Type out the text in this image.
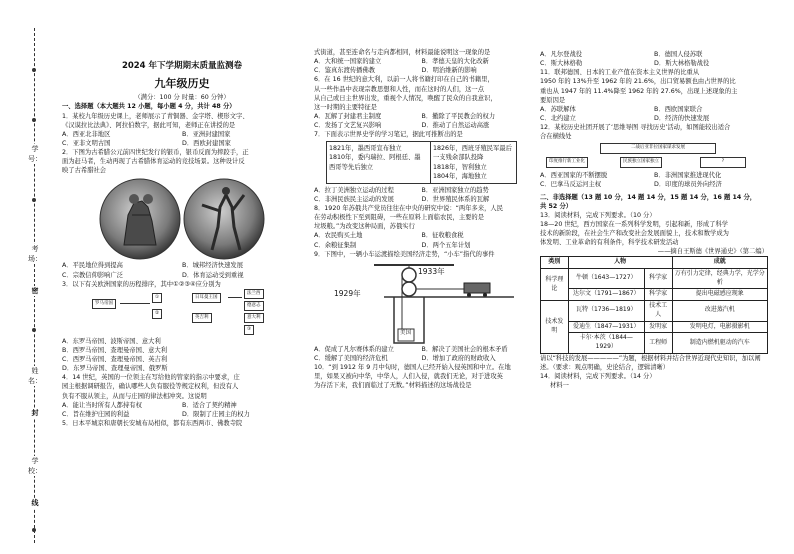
学号：
考场：
密
姓名：
封
学校：
线
2024 年下学期期末质量监测卷
九年级历史
（满分：100 分 时量：60 分钟）
一、选择题（本大题共 12 小题，每小题 4 分，共计 48 分）
1．某校九年级历史课上，老师展示了青铜器、金字塔、楔形文字、
《汉谟拉比法典》、阿拉伯数字，据此可知，老师正在讲授的是
A．西亚北非地区	B．亚洲封建国家
C．亚非文明古国	D．西欧封建国家
2．下图为古希腊公元前四世纪发行的银币，银币反面为摔跤手，正
面为赶马者，生动再现了古希腊体育运动的竞技场景。这种设计反
映了古希腊社会
A．平民地位得到提高	B．城邦经济快速发展
C．宗教信仰影响广泛	D．体育运动受到重视
3．以下有关欧洲国家的历程排序，其中①②③④应分别为
罗马帝国
①
②
日耳曼王国
法兰西
德意志
意大利
英吉利
③
A．东罗马帝国、波斯帝国、意大利
B．西罗马帝国、查理曼帝国、意大利
C．西罗马帝国、查理曼帝国、英吉利
D．东罗马帝国、查理曼帝国、俄罗斯
4．14 世纪，英国的一位领主在写给他的管家的指示中要求，庄
园主根据调研报告，确认哪些人负有服役等规定权利，但没有人
负有不服从领主，从而与庄园的律法相冲突。这说明
A．能让当时所有人都持有权	B．适合了契约精神
C．旨在维护庄园的利益	D．限制了庄园主的权力
5．日本平城京和唐朝长安城布局相似，都有东西两市、佛教寺院
式街道，甚至连命名与走向都相同，材料最能说明这一现象的是
A．大和统一国家的建立	B．孝德天皇的大化改新
C．鉴真东渡传播佛教	D．明治维新的影响
6．在 16 世纪的意大利，以前一人将书籍打印在自己的书籍里，
从一些作品中表现宗教思想和人性，而在这时的人们，这一点
从自己或日主世界出发，重视个人情况，唤醒了民众的自我意识，
这一时期的主要特征是
A．瓦解了封建君主制度	B．撤除了平民教会的权力
C．发扬了文艺复兴影响	D．推动了自然运动高涨
7．下面表示世界史学的学习笔记，据此可推断出的是
1821年，墨西哥宣布独立
1810年，委内瑞拉、阿根廷、墨
西哥等先后独立
1826年，西班牙殖民军最后
一支残余部队投降
1818年，智利独立
1804年，海地独立
A．拉丁美洲独立运动的过程	B．亚洲国家独立的趋势
C．非洲民族民主运动的发展	D．世界殖民体系的瓦解
8．1920 年苏俄共产党员往往在中央的研究中说：“两年多来，人民
在劳动积极性下至到阻碍，一些在原料上面临农民，主要的是
垃圾粮。”为改变这种局面，苏俄实行
A．农民购买土地	B．征收粮食税
C．余粮征集制	D．两个五年计划
9．下图中，一辆小车运渡描绘美国经济走势，“小车”指代的事件
1929年
1933年
美国
A．促成了凡尔赛体系的建立	B．解决了美国社会的根本矛盾
C．缓解了美国的经济危机	D．增加了政府的财政收入
10．“到 1912 年 9 月中旬时，德国人已经开始入侵英国和中立。在地
里，如果又被向中华，中华人，人们入侵，就我们无论，对于进攻英
为存活下来，我们面临过了无数。”材料描述的这场战役是
A．凡尔登战役	B．德国人侵苏联
C．斯大林格勒	D．斯大林格勒战役
11．联邦德国、日本的工业产值在资本主义世界的比重从
1950 年的 13%升至 1962 年的 21.6%，出口贸易额也由占世界的比
重也从 1947 年的 11.4%降至 1962 年的 27.6%，出现上述现象的主
要原因是
A．苏联解体	B．西欧国家联合
C．北约建立	D．经济的快速发展
12．某校历史社团开展了‘思维导图 寻找历史’活动，如图能较出适合
合在横线处
二战后亚非拉国家谋求发展
印度推行新工业化	民族独立国家独立	?
A．西亚国家的不断摆脱	B．非洲国家推进现代化
C．巴拿马反运河主权	D．印度的球员外向经济
二、非选择题（13 题 10 分，14 题 14 分，15 题 14 分，16 题 14 分，
共 52 分）
13．阅读材料，完成下列要求。（10 分）
18—20 世纪，西方国家在一系列科学发明，引起和新，形成了科学
技术的新阶段，在社会生产和改变社会发展面貌上，技术和数学成为
体发明、工业革命的有利条件，科学技术研发活动
——摘自王斯德《世界通史》（第二编）
类别	人物		成就
科学理论	牛顿（1643—1727）	科学家	万有引力定律，经典力学，光学分析
	达尔文（1791—1867）	科学家	提出电磁感应现象
技术发明	瓦特（1736—1819）	技术工人	改进蒸汽机
	爱迪生（1847—1931）	发明家	发明电灯，电影摄影机
	卡尔·本茨（1844—1929）	工程师	制造内燃机驱动的汽车
请以“科技的发展—————”为题，根据材料并结合世界近现代史知识，加以阐述。（要求：观点明确，史论结合，逻辑清晰）
14．阅读材料，完成下列要求。（14 分）
材料一
